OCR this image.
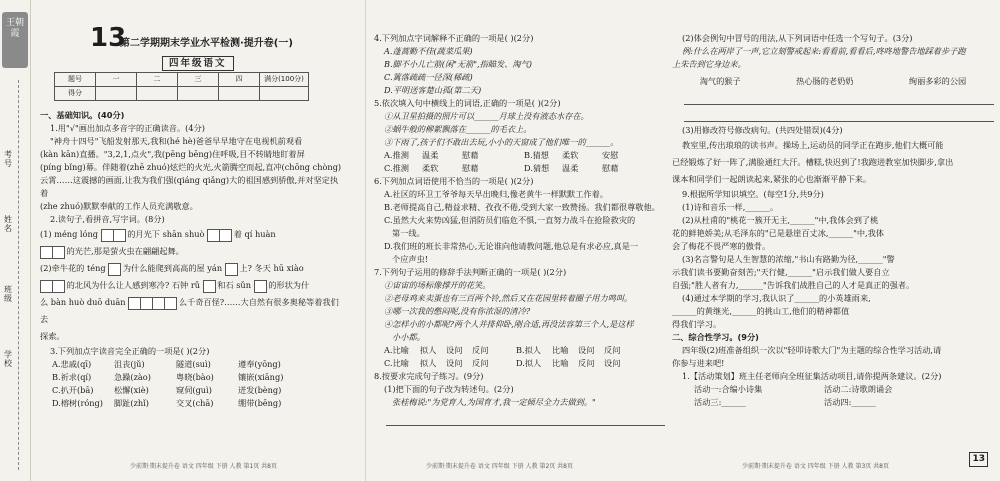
王朝霞
考号
姓名
班级
学校
13
第二学期期末学业水平检测·提升卷(一)
四年级语文
题号	一	二	三	四	满分(100分)
得分					

一、基础知识。(40分)

1.用"√"画出加点多音字的正确读音。(4分)

"神舟十四号"飞船发射那天,我和(hé hè)爸爸早早地守在电视机前观看

(kàn kān)直播。"3,2,1,点火",我(pēng bēng)住呼吸,目不转睛地盯着屏

(píng bǐng)幕。伴随着(zhē zhuó)炫烂的火光,火箭腾空而起,直冲(chōng chòng)

云霄……这震撼的画面,让我为我们强(qiáng qiǎng)大的祖国感到骄傲,并对坚定执着

(zhe zhuó)默默奉献的工作人员充满敬意。

2.读句子,看拼音,写字词。(8分)

(1) méng lóng	的月光下 shān shuò	着 qí huàn

的光芒,那是萤火虫在翩翩起舞。

(2)牵牛花的 téng 为什么能爬到高高的屋 yán 上? 冬天 hū xiào

的北风为什么让人感到寒冷? 石钟 rǔ 和石 sǔn 的形状为什

么 bàn huò duō duān	么千奇百怪?……大自然有很多奥秘等着我们去

探索。

3.下列加点字读音完全正确的一项是( )(2分)

A.悲戚(qī)	沮丧(jǔ)	隧道(suì)	遵奉(yōng)
B.祈求(qí)	急躁(zào)	粤晓(bào)	镶嵌(xiāng)
C.扒开(bā)	松懈(xiè)	窥伺(guì)	迸发(bèng)
D.榕树(róng)	脚趾(zhǐ)	交叉(chā)	绷带(bēng)
少前期·期末提升卷 语文 四年级 下册 人教 第1页 共8页

4.下列加点字词解释不正确的一项是( )(2分)

A.蓬蒿勤不佳(蔬菜瓜果)

B.脚不小儿亡箭(闲"无箭",指瞄发、淘气)

C.篱落疏疏一径深(稀疏)

D.平明送客楚山孤(第二天)

5.依次填入句中横线上的词语,正确的一项是( )(2分)

①从卫星拍摄的照片可以______月球上没有液态水存在。

②蜗牛般的柳絮飘落在______的毛衣上。

③下雨了,孩子们不敢出去玩,小小的天窗成了他们唯一的______。

A.推测	温柔	慰藉	B.猜想	柔软	安慰
C.推测	柔软	慰藉	D.猜想	温柔	慰藉

6.下列加点词语使用不恰当的一项是( )(2分)

A.社区的环卫工爷爷每天早出晚归,像老黄牛一样默默工作着。

B.老师提高自己,精益求精、孜孜不倦,受到大家一致赞扬。我们都很尊敬他。

C.虽然大火来势凶猛,但消防员们临危不惧,一直努力战斗在抢险救灾的

第一线。

D.我们班的班长非常热心,无论谁向他请教问题,他总是有求必应,真是一

个应声虫!

7.下列句子运用的修辞手法判断正确的一项是( )(2分)

①宙宙的场标像撑开的花笑。

②老母鸡来卖蛋也有三百两个铃,然后又在花园里转着圈子用力鸣叫。

③哪一次我的憋闷呢,没有你浓湿的清冷?

④怎样小的小都呢?两个人并排仰卧,刚合适,再没法容第三个人,是这样

小小都。

A.比喻	拟人	设问	反问	B.拟人	比喻	设问	反问
C.比喻	拟人	设问	反问	D.拟人	比喻	反问	设问

8.按要求完成句子练习。(9分)

(1)把下面的句子改为转述句。(2分)

张桂梅说:"为党育人,为国育才,我一定倾尽全力去做到。"

少前期·期末提升卷 语文 四年级 下册 人教 第2页 共8页

(2)体会例句中冒号的用法,从下列词语中任选一个写句子。(3分)

例:什么在两岸了一声,它立刻警戒起来:看看前,看看后,咚咚地警告地踩着步子跑

上朱告到它身边来。

淘气的猴子	热心肠的老奶奶	绚丽多彩的公园

(3)用修改符号修改病句。(共四处错误)(4分)

教室里,传出琅琅的读书声。操场上,运动员的同学正在跑步,他们大概可能

已经锻炼了好一阵了,满脸通红大汗。槽糕,快迟到了!我跑进教室加快脚步,拿出

课本和同学们一起朗读起来,紧张的心也渐渐平静下来。

9.根据所学知识填空。(每空1分,共9分)

(1)诗和音乐一样,______。

(2)从杜甫的"桃花一簇开无主,______"中,我体会到了桃

花的鲜艳娇美;从毛泽东的"已是悬崖百丈冰,______"中,我体

会了梅花不畏严寒的傲骨。

(3)名言警句是人生智慧的浓缩,"书山有路勤为径,______"警

示我们读书要勤奋刻苦;"天行健,______"启示我们做人要自立

自强;"胜人者有力,______"告诉我们战胜自己的人才是真正的强者。

(4)通过本学期的学习,我认识了______的小英雄雨来,

______的黄继光,______的挑山工,他们的精神都值

得我们学习。

二、综合性学习。(9分)

四年级(2)班准备组织一次以"轻叩诗歌大门"为主题的综合性学习活动,请

你参与进来吧!

1.【活动策划】班主任老师向全班征集活动项目,请你提两条建议。(2分)

活动一:合编小诗集	活动二:诗歌朗诵会
活动三:______	活动四:______
少前期·期末提升卷 语文 四年级 下册 人教 第3页 共8页
13
